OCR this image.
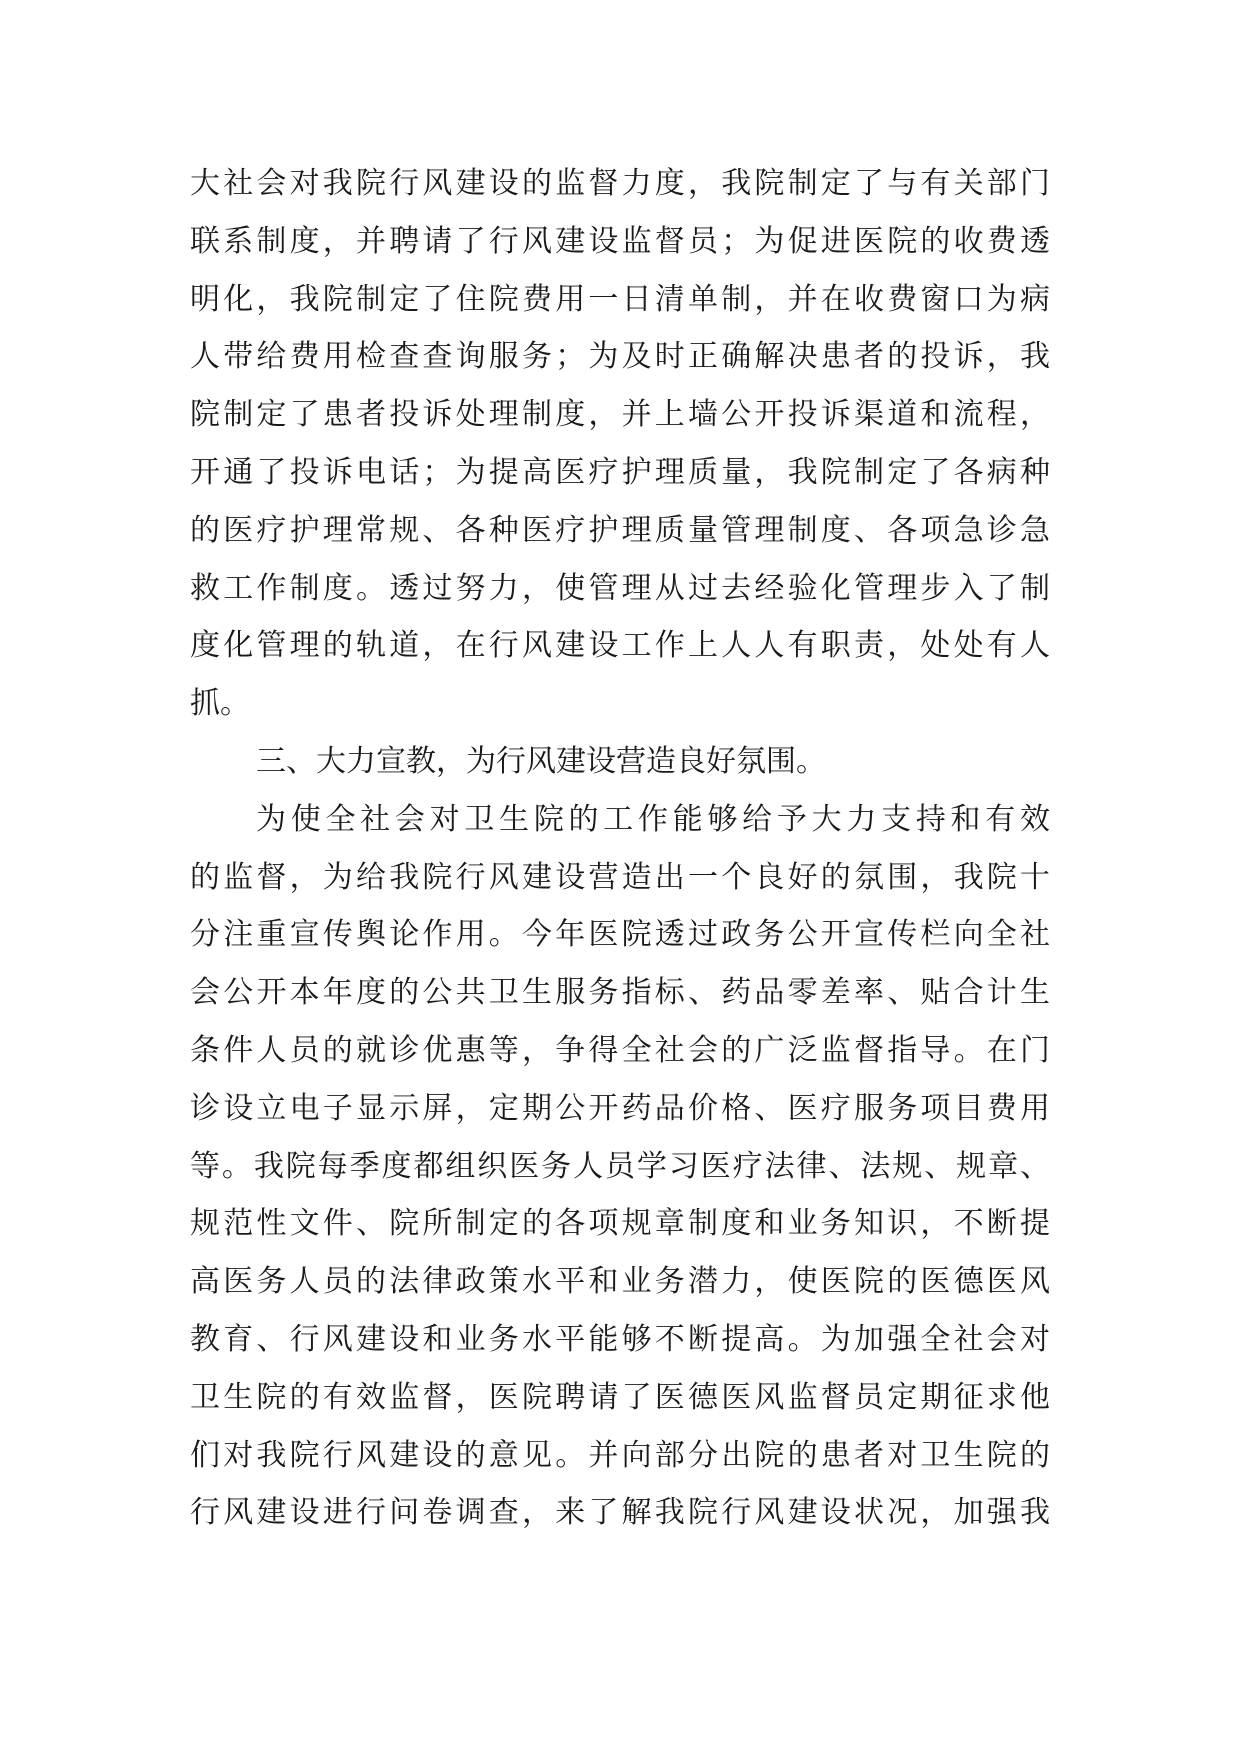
大社会对我院行风建设的监督力度，我院制定了与有关部门
联系制度，并聘请了行风建设监督员；为促进医院的收费透
明化，我院制定了住院费用一日清单制，并在收费窗口为病
人带给费用检查查询服务；为及时正确解决患者的投诉，我
院制定了患者投诉处理制度，并上墙公开投诉渠道和流程，
开通了投诉电话；为提高医疗护理质量，我院制定了各病种
的医疗护理常规、各种医疗护理质量管理制度、各项急诊急
救工作制度。透过努力，使管理从过去经验化管理步入了制
度化管理的轨道，在行风建设工作上人人有职责，处处有人
抓。
三、大力宣教，为行风建设营造良好氛围。
为使全社会对卫生院的工作能够给予大力支持和有效
的监督，为给我院行风建设营造出一个良好的氛围，我院十
分注重宣传舆论作用。今年医院透过政务公开宣传栏向全社
会公开本年度的公共卫生服务指标、药品零差率、贴合计生
条件人员的就诊优惠等，争得全社会的广泛监督指导。在门
诊设立电子显示屏，定期公开药品价格、医疗服务项目费用
等。我院每季度都组织医务人员学习医疗法律、法规、规章、
规范性文件、院所制定的各项规章制度和业务知识，不断提
高医务人员的法律政策水平和业务潜力，使医院的医德医风
教育、行风建设和业务水平能够不断提高。为加强全社会对
卫生院的有效监督，医院聘请了医德医风监督员定期征求他
们对我院行风建设的意见。并向部分出院的患者对卫生院的
行风建设进行问卷调查，来了解我院行风建设状况，加强我
